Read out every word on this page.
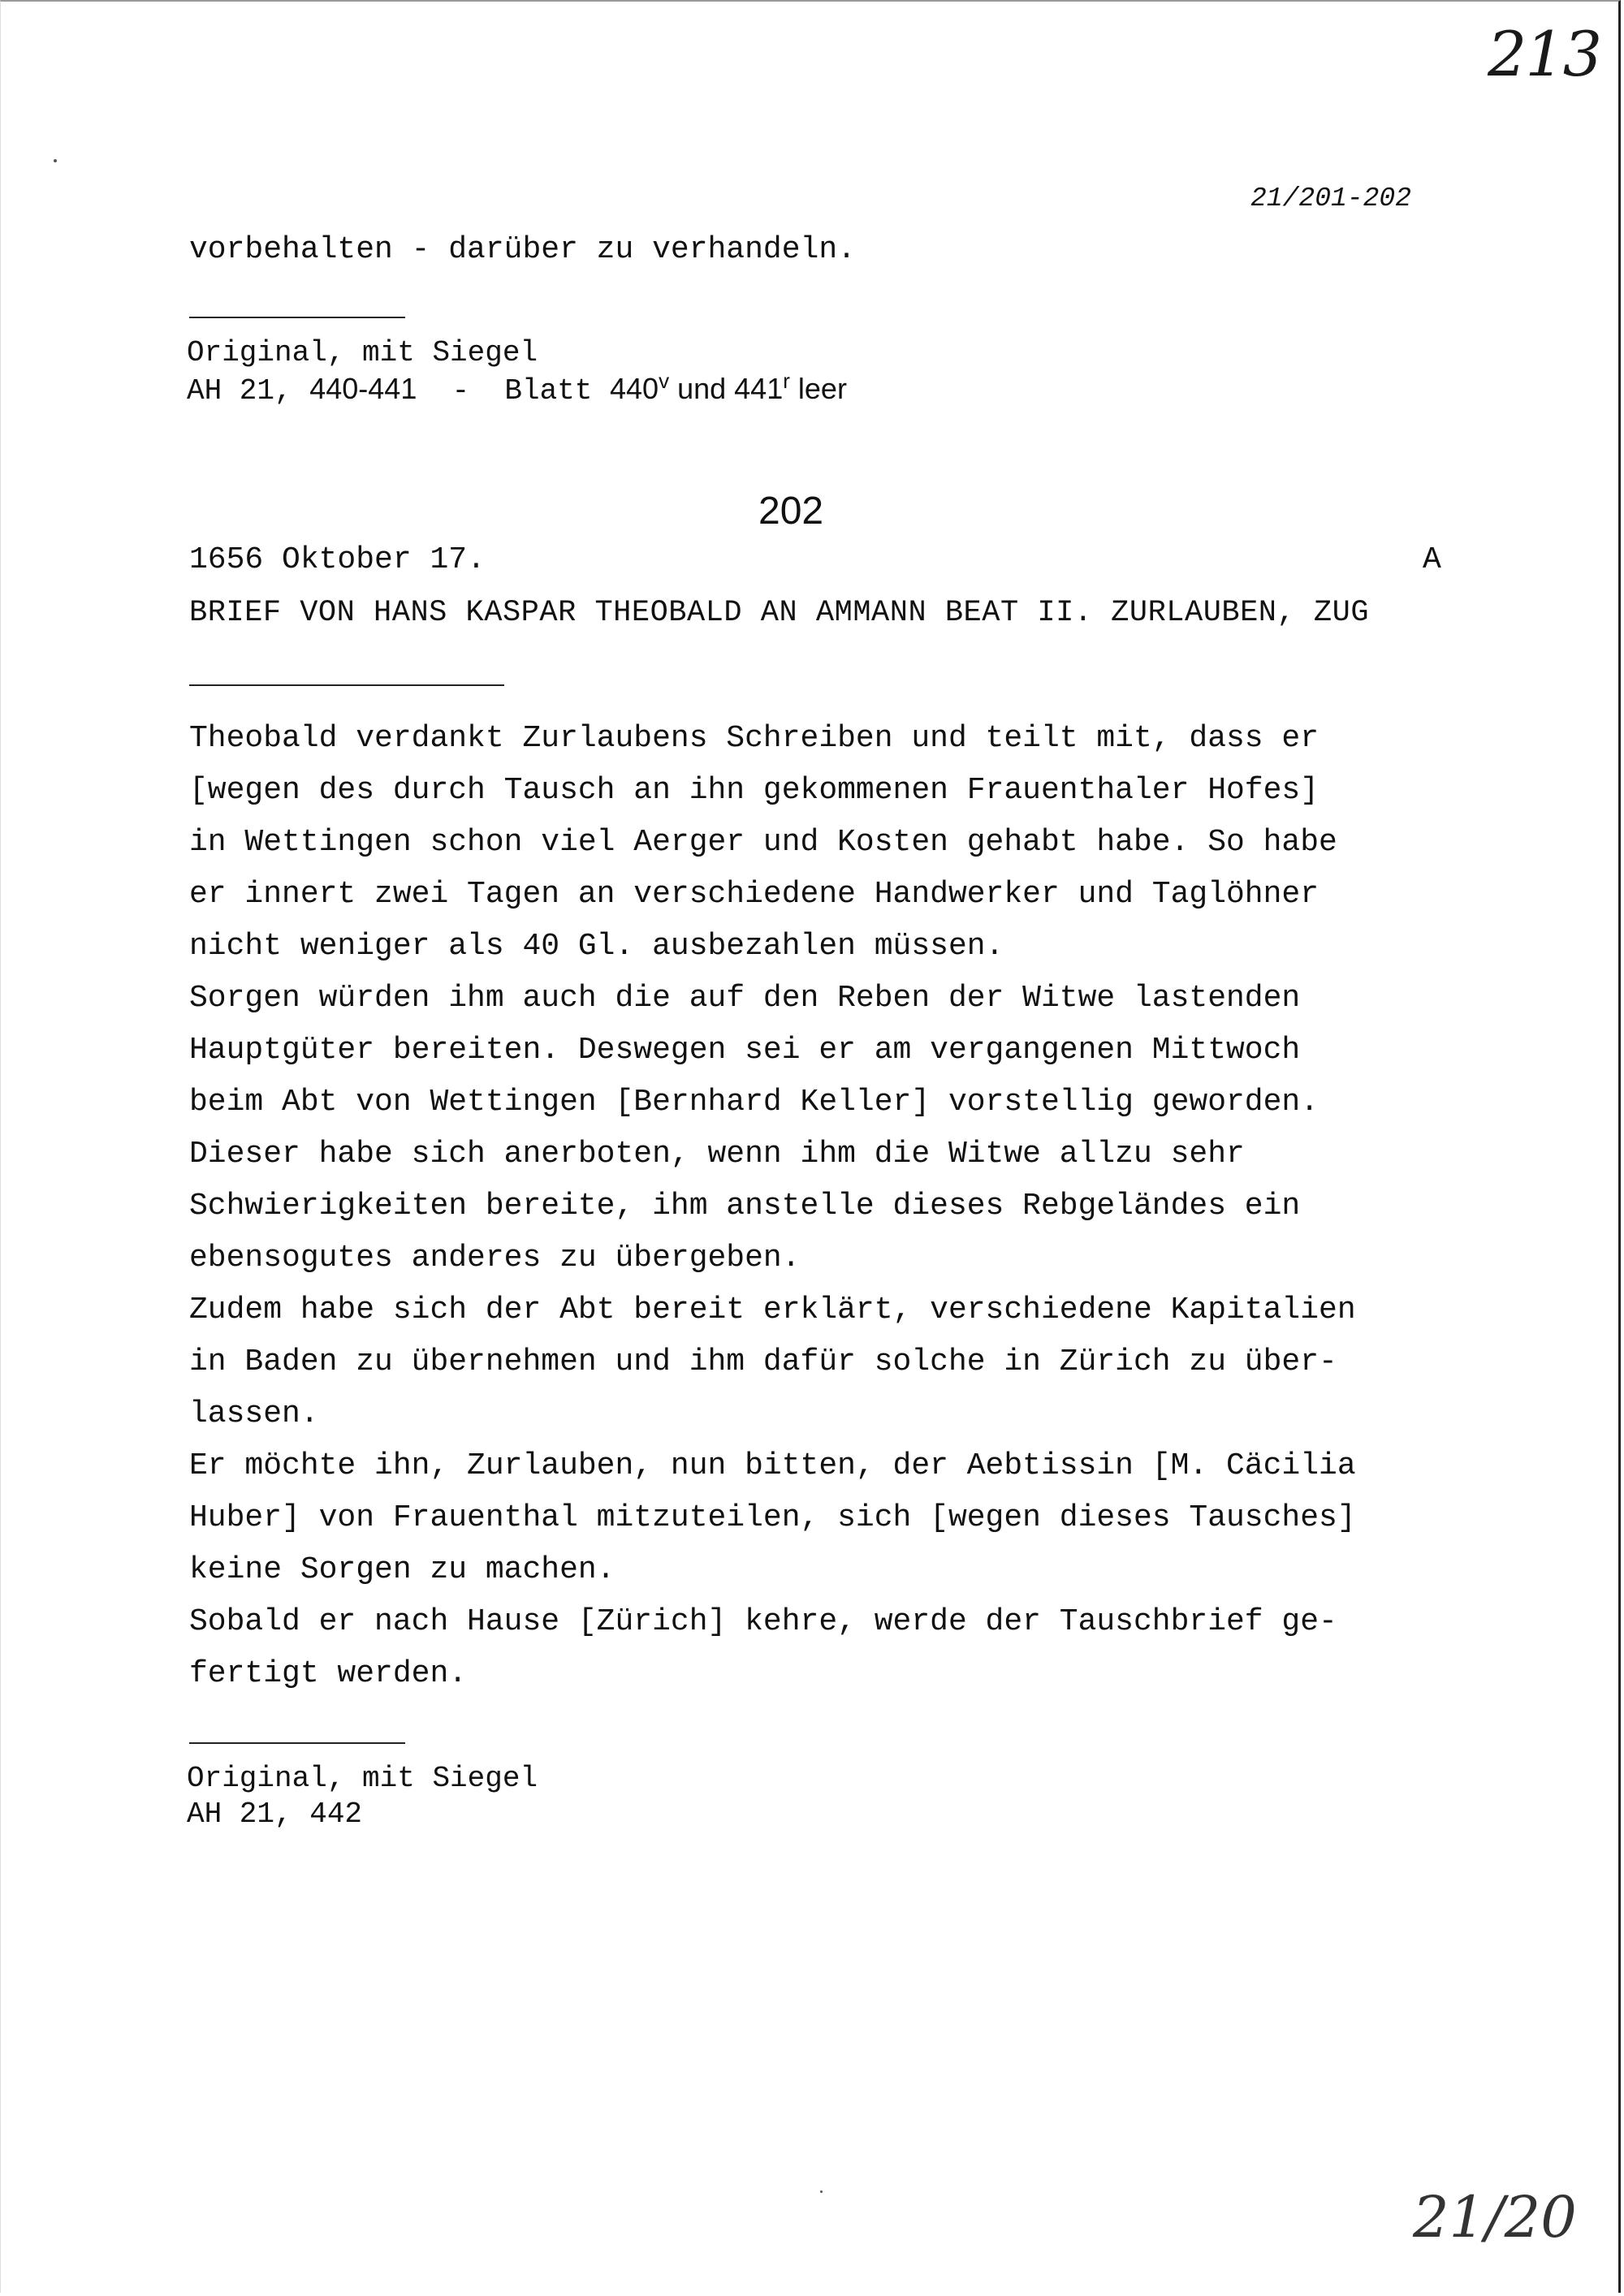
213
21/201-202
vorbehalten - darüber zu verhandeln.
Original, mit Siegel
AH 21, 440-441  -  Blatt 440$^v$ und 441$^r$ leer
202
1656 Oktober 17.	A
BRIEF VON HANS KASPAR THEOBALD AN AMMANN BEAT II. ZURLAUBEN, ZUG
Theobald verdankt Zurlaubens Schreiben und teilt mit, dass er
[wegen des durch Tausch an ihn gekommenen Frauenthaler Hofes]
in Wettingen schon viel Aerger und Kosten gehabt habe. So habe
er innert zwei Tagen an verschiedene Handwerker und Taglöhner
nicht weniger als 40 Gl. ausbezahlen müssen.
Sorgen würden ihm auch die auf den Reben der Witwe lastenden
Hauptgüter bereiten. Deswegen sei er am vergangenen Mittwoch
beim Abt von Wettingen [Bernhard Keller] vorstellig geworden.
Dieser habe sich anerboten, wenn ihm die Witwe allzu sehr
Schwierigkeiten bereite, ihm anstelle dieses Rebgeländes ein
ebensogutes anderes zu übergeben.
Zudem habe sich der Abt bereit erklärt, verschiedene Kapitalien
in Baden zu übernehmen und ihm dafür solche in Zürich zu über-
lassen.
Er möchte ihn, Zurlauben, nun bitten, der Aebtissin [M. Cäcilia
Huber] von Frauenthal mitzuteilen, sich [wegen dieses Tausches]
keine Sorgen zu machen.
Sobald er nach Hause [Zürich] kehre, werde der Tauschbrief ge-
fertigt werden.
Original, mit Siegel
AH 21, 442
21/20
